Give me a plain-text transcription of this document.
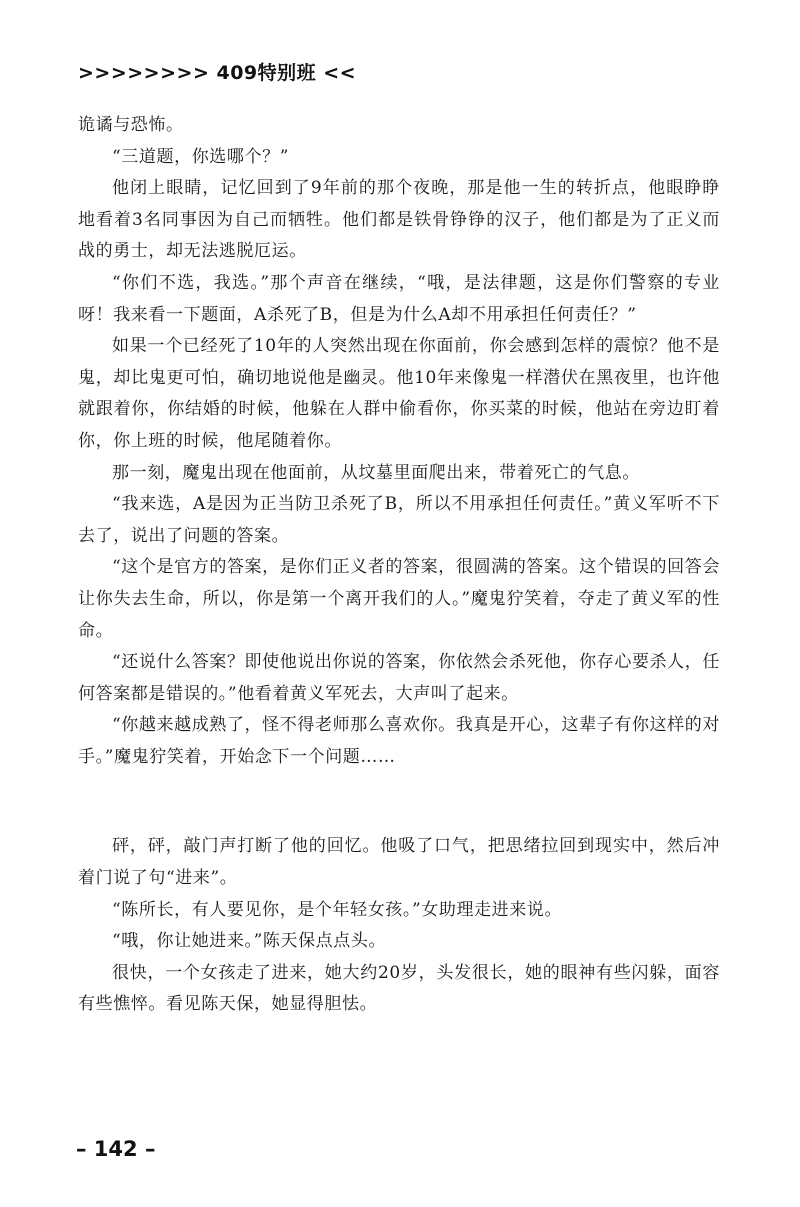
>>>>>>>> 409特别班 <<

诡谲与恐怖。

“三道题，你选哪个？”

他闭上眼睛，记忆回到了9年前的那个夜晚，那是他一生的转折点，他眼睁睁地看着3名同事因为自己而牺牲。他们都是铁骨铮铮的汉子，他们都是为了正义而战的勇士，却无法逃脱厄运。

“你们不选，我选。”那个声音在继续，“哦，是法律题，这是你们警察的专业呀！我来看一下题面，A杀死了B，但是为什么A却不用承担任何责任？”

如果一个已经死了10年的人突然出现在你面前，你会感到怎样的震惊？他不是鬼，却比鬼更可怕，确切地说他是幽灵。他10年来像鬼一样潜伏在黑夜里，也许他就跟着你，你结婚的时候，他躲在人群中偷看你，你买菜的时候，他站在旁边盯着你，你上班的时候，他尾随着你。

那一刻，魔鬼出现在他面前，从坟墓里面爬出来，带着死亡的气息。

“我来选，A是因为正当防卫杀死了B，所以不用承担任何责任。”黄义军听不下去了，说出了问题的答案。

“这个是官方的答案，是你们正义者的答案，很圆满的答案。这个错误的回答会让你失去生命，所以，你是第一个离开我们的人。”魔鬼狞笑着，夺走了黄义军的性命。

“还说什么答案？即使他说出你说的答案，你依然会杀死他，你存心要杀人，任何答案都是错误的。”他看着黄义军死去，大声叫了起来。

“你越来越成熟了，怪不得老师那么喜欢你。我真是开心，这辈子有你这样的对手。”魔鬼狞笑着，开始念下一个问题……

砰，砰，敲门声打断了他的回忆。他吸了口气，把思绪拉回到现实中，然后冲着门说了句“进来”。

“陈所长，有人要见你，是个年轻女孩。”女助理走进来说。

“哦，你让她进来。”陈天保点点头。

很快，一个女孩走了进来，她大约20岁，头发很长，她的眼神有些闪躲，面容有些憔悴。看见陈天保，她显得胆怯。

– 142 –
